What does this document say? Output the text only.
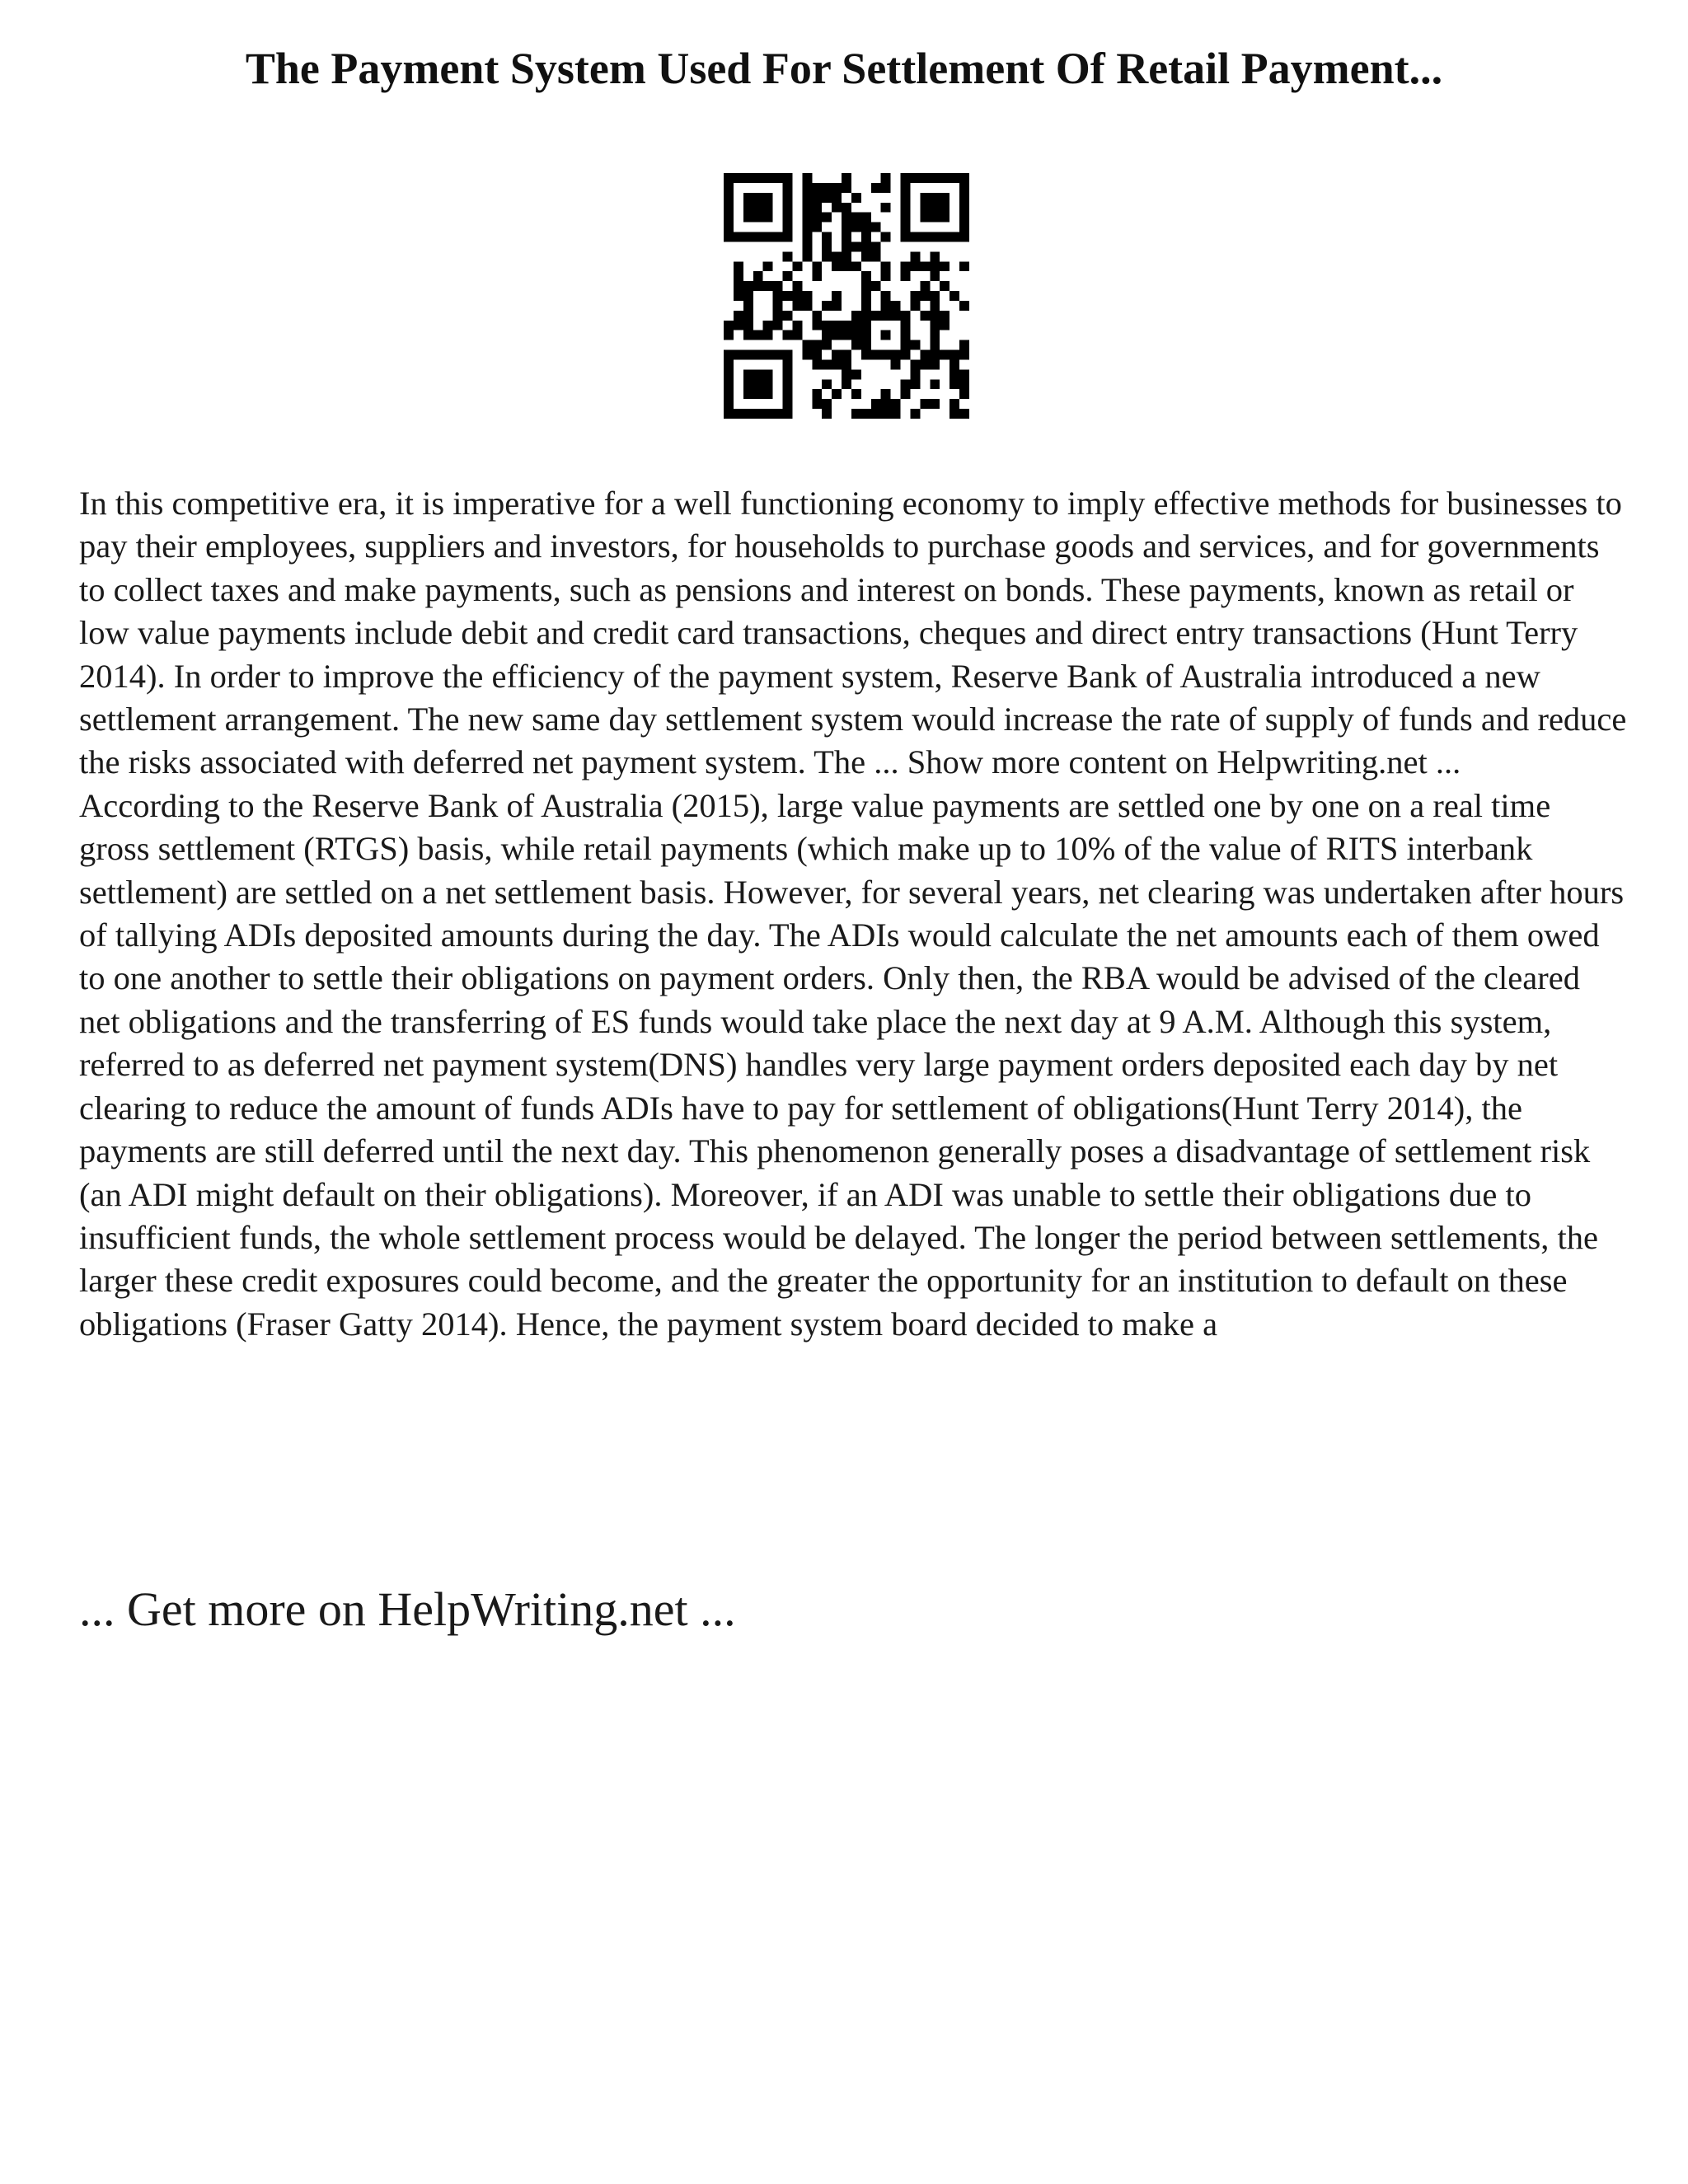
The Payment System Used For Settlement Of Retail Payment...

In this competitive era, it is imperative for a well functioning economy to imply effective methods for businesses to pay their employees, suppliers and investors, for households to purchase goods and services, and for governments to collect taxes and make payments, such as pensions and interest on bonds. These payments, known as retail or low value payments include debit and credit card transactions, cheques and direct entry transactions (Hunt Terry 2014). In order to improve the efficiency of the payment system, Reserve Bank of Australia introduced a new settlement arrangement. The new same day settlement system would increase the rate of supply of funds and reduce the risks associated with deferred net payment system. The ... Show more content on Helpwriting.net ...

According to the Reserve Bank of Australia (2015), large value payments are settled one by one on a real time gross settlement (RTGS) basis, while retail payments (which make up to 10% of the value of RITS interbank settlement) are settled on a net settlement basis. However, for several years, net clearing was undertaken after hours of tallying ADIs deposited amounts during the day. The ADIs would calculate the net amounts each of them owed to one another to settle their obligations on payment orders. Only then, the RBA would be advised of the cleared net obligations and the transferring of ES funds would take place the next day at 9 A.M. Although this system, referred to as deferred net payment system(DNS) handles very large payment orders deposited each day by net clearing to reduce the amount of funds ADIs have to pay for settlement of obligations(Hunt Terry 2014), the payments are still deferred until the next day. This phenomenon generally poses a disadvantage of settlement risk (an ADI might default on their obligations). Moreover, if an ADI was unable to settle their obligations due to insufficient funds, the whole settlement process would be delayed. The longer the period between settlements, the larger these credit exposures could become, and the greater the opportunity for an institution to default on these obligations (Fraser Gatty 2014). Hence, the payment system board decided to make a

... Get more on HelpWriting.net ...
